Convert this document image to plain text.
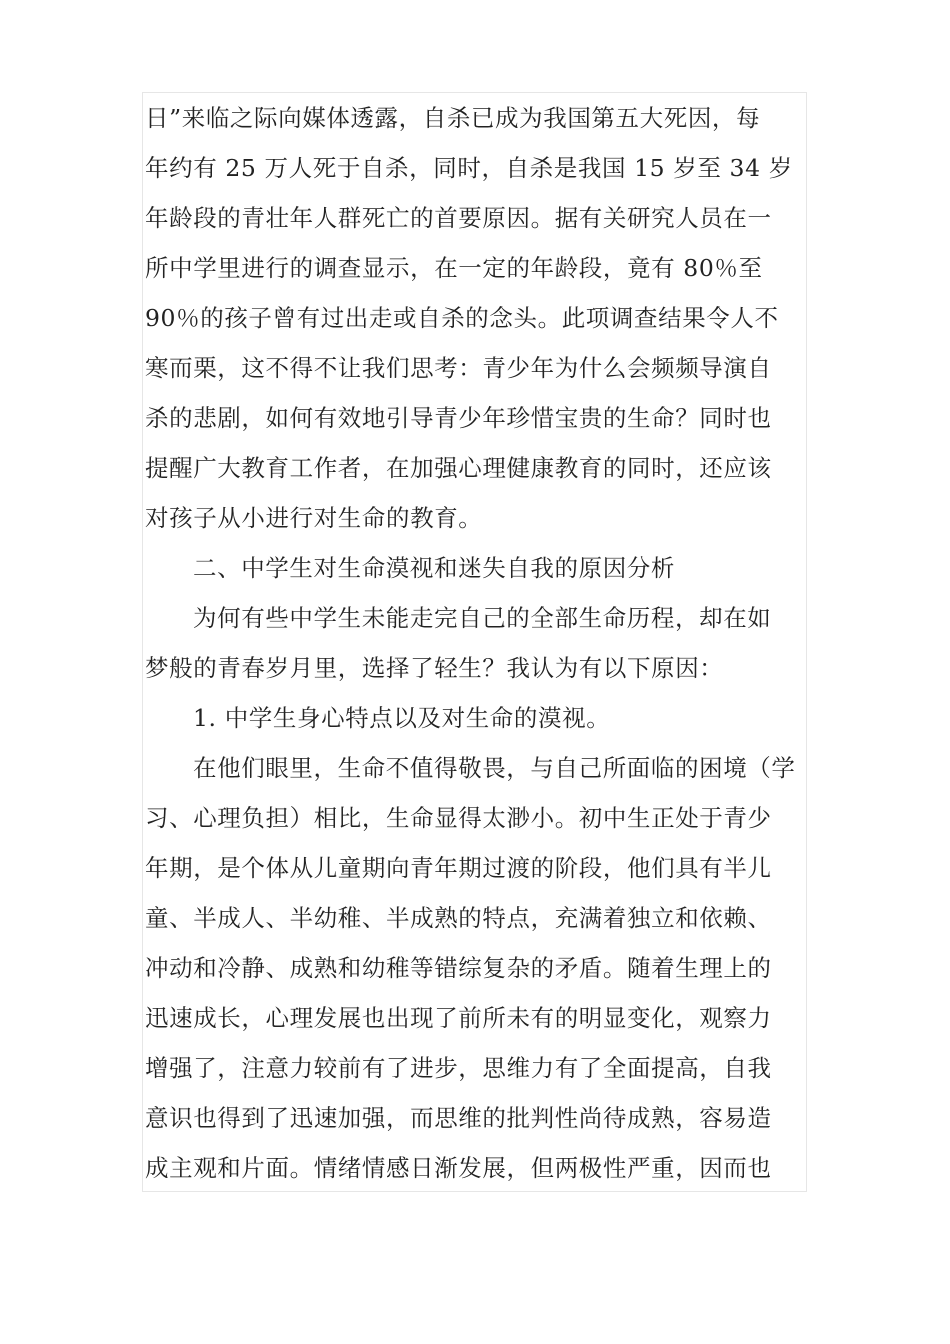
日”来临之际向媒体透露，自杀已成为我国第五大死因，每
年约有 25 万人死于自杀，同时，自杀是我国 15 岁至 34 岁
年龄段的青壮年人群死亡的首要原因。据有关研究人员在一
所中学里进行的调查显示，在一定的年龄段，竟有 80％至
90％的孩子曾有过出走或自杀的念头。此项调查结果令人不
寒而栗，这不得不让我们思考：青少年为什么会频频导演自
杀的悲剧，如何有效地引导青少年珍惜宝贵的生命？同时也
提醒广大教育工作者，在加强心理健康教育的同时，还应该
对孩子从小进行对生命的教育。
二、中学生对生命漠视和迷失自我的原因分析
为何有些中学生未能走完自己的全部生命历程，却在如
梦般的青春岁月里，选择了轻生？我认为有以下原因：
1. 中学生身心特点以及对生命的漠视。
在他们眼里，生命不值得敬畏，与自己所面临的困境（学
习、心理负担）相比，生命显得太渺小。初中生正处于青少
年期，是个体从儿童期向青年期过渡的阶段，他们具有半儿
童、半成人、半幼稚、半成熟的特点，充满着独立和依赖、
冲动和冷静、成熟和幼稚等错综复杂的矛盾。随着生理上的
迅速成长，心理发展也出现了前所未有的明显变化，观察力
增强了，注意力较前有了进步，思维力有了全面提高，自我
意识也得到了迅速加强，而思维的批判性尚待成熟，容易造
成主观和片面。情绪情感日渐发展，但两极性严重，因而也
